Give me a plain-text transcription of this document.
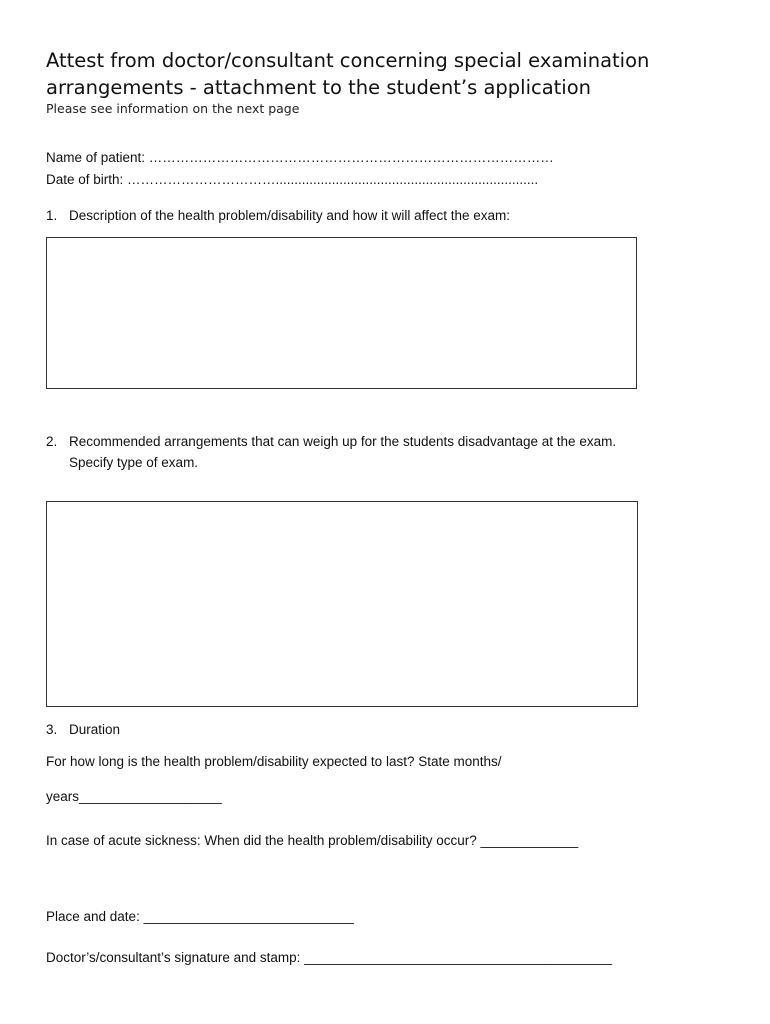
Attest from doctor/consultant concerning special examination
arrangements - attachment to the student’s application
Please see information on the next page
Name of patient: ………………………………………………………………………………
Date of birth: ……………………………......................................................................
1. Description of the health problem/disability and how it will affect the exam:
2. Recommended arrangements that can weigh up for the students disadvantage at the exam.
Specify type of exam.
3. Duration
For how long is the health problem/disability expected to last? State months/
years___________________
In case of acute sickness: When did the health problem/disability occur? _____________
Place and date: ____________________________
Doctor’s/consultant’s signature and stamp: _________________________________________
